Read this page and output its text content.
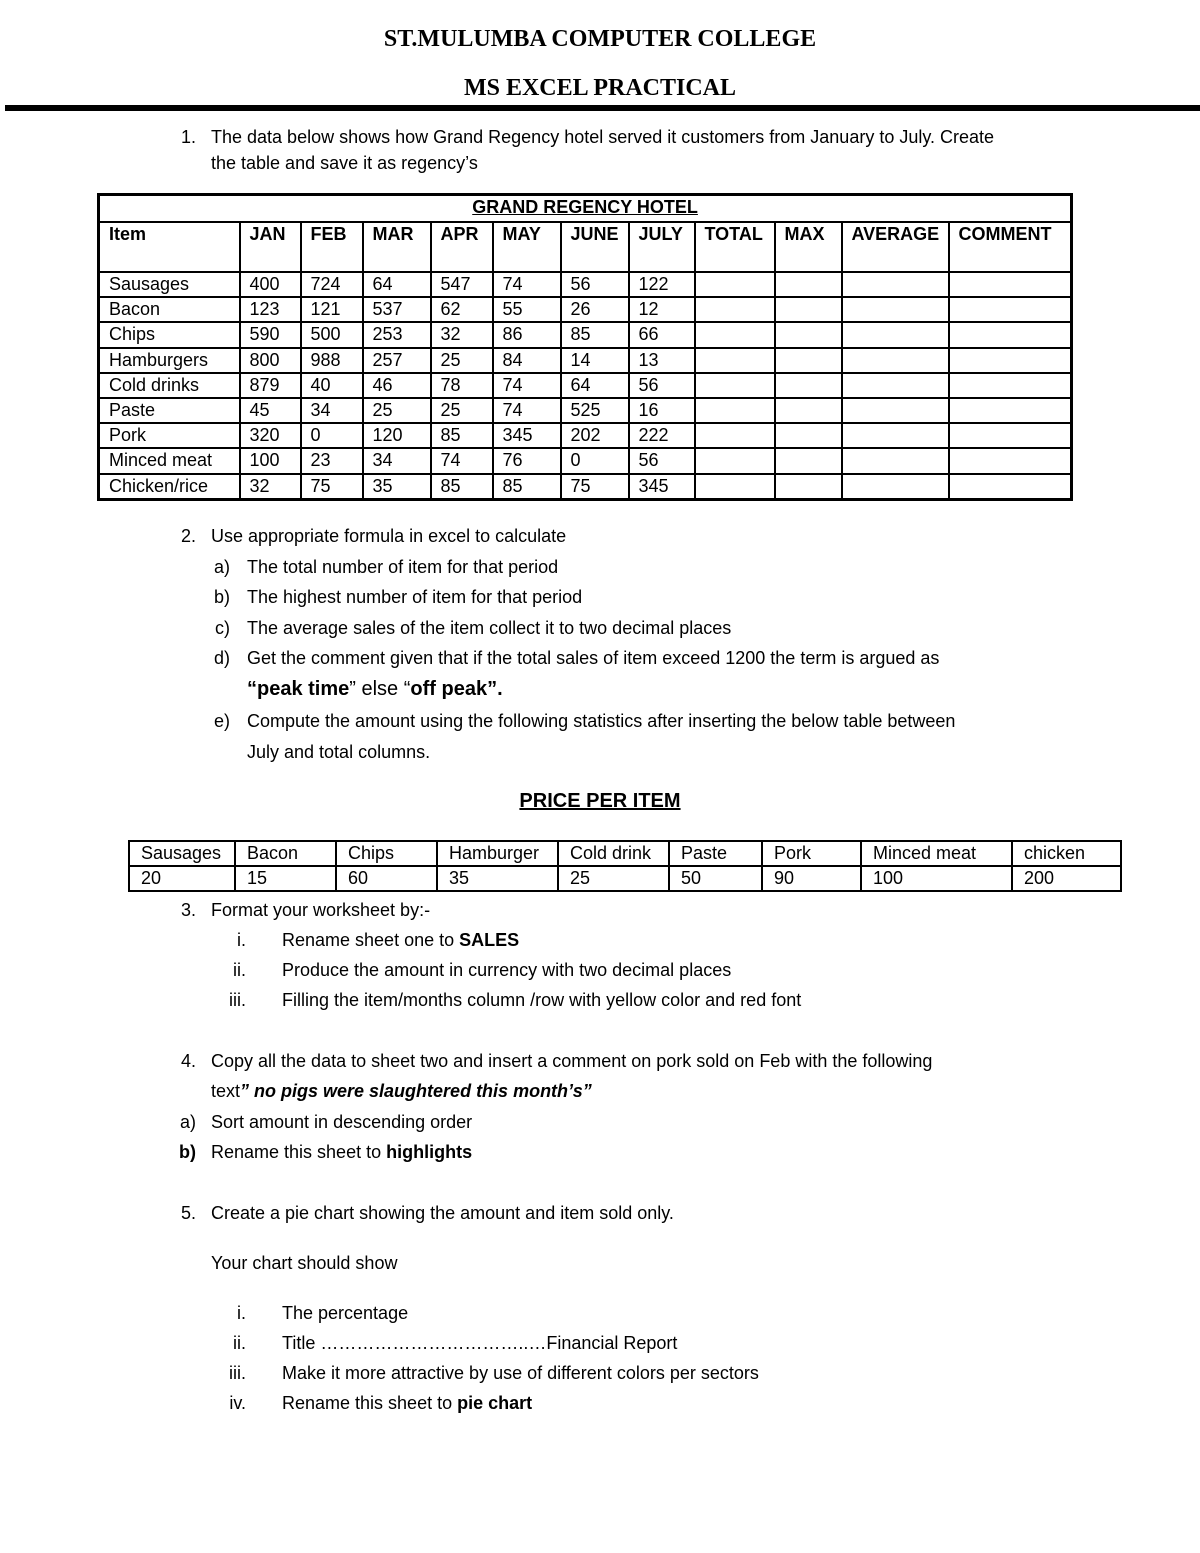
ST.MULUMBA COMPUTER COLLEGE
MS EXCEL PRACTICAL
1. The data below shows how Grand Regency hotel served it customers from January to July. Create
the table and save it as regency’s
GRAND REGENCY HOTEL											
Item	JAN	FEB	MAR	APR	MAY	JUNE	JULY	TOTAL	MAX	AVERAGE	COMMENT
Sausages	400	724	64	547	74	56	122				
Bacon	123	121	537	62	55	26	12				
Chips	590	500	253	32	86	85	66				
Hamburgers	800	988	257	25	84	14	13				
Cold drinks	879	40	46	78	74	64	56				
Paste	45	34	25	25	74	525	16				
Pork	320	0	120	85	345	202	222				
Minced meat	100	23	34	74	76	0	56				
Chicken/rice	32	75	35	85	85	75	345				
2. Use appropriate formula in excel to calculate
a) The total number of item for that period
b) The highest number of item for that period
c) The average sales of the item collect it to two decimal places
d) Get the comment given that if the total sales of item exceed 1200 the term is argued as
“peak time” else “off peak”.
e) Compute the amount using the following statistics after inserting the below table between
July and total columns.
PRICE PER ITEM
Sausages	Bacon	Chips	Hamburger	Cold drink	Paste	Pork	Minced meat	chicken
20	15	60	35	25	50	90	100	200
3. Format your worksheet by:-
i. Rename sheet one to SALES
ii. Produce the amount in currency with two decimal places
iii. Filling the item/months column /row with yellow color and red font
4. Copy all the data to sheet two and insert a comment on pork sold on Feb with the following
text” no pigs were slaughtered this month’s”
a) Sort amount in descending order
b) Rename this sheet to highlights
5. Create a pie chart showing the amount and item sold only.
Your chart should show
i. The percentage
ii. Title ……………………………..…Financial Report
iii. Make it more attractive by use of different colors per sectors
iv. Rename this sheet to pie chart
